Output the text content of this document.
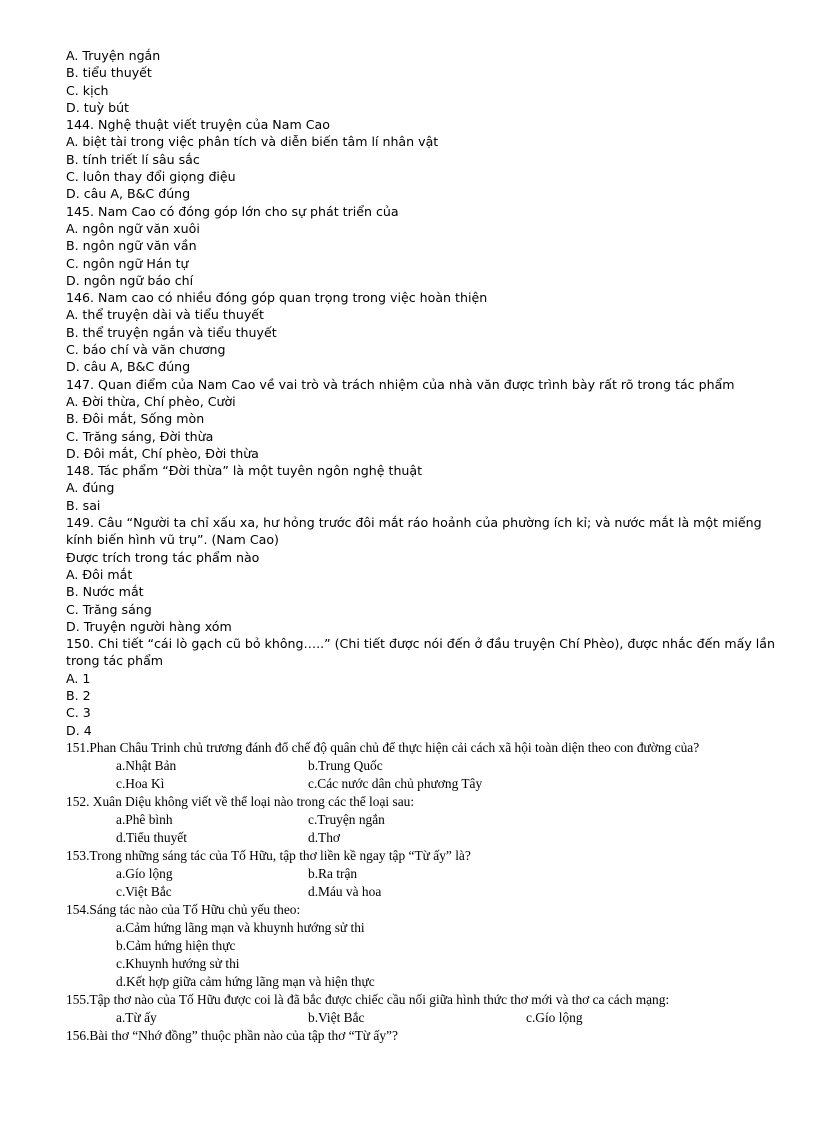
A. Truyện ngắn
B. tiểu thuyết
C. kịch
D. tuỳ bút
144. Nghệ thuật viết truyện của Nam Cao
A. biệt tài trong việc phân tích và diễn biến tâm lí nhân vật
B. tính triết lí sâu sắc
C. luôn thay đổi giọng điệu
D. câu A, B&C đúng
145. Nam Cao có đóng góp lớn cho sự phát triển của
A. ngôn ngữ văn xuôi
B. ngôn ngữ văn vần
C. ngôn ngữ Hán tự
D. ngôn ngữ báo chí
146. Nam cao có nhiều đóng góp quan trọng trong việc hoàn thiện
A. thể truyện dài và tiểu thuyết
B. thể truyện ngắn và tiểu thuyết
C. báo chí và văn chương
D. câu A, B&C đúng
147. Quan điểm của Nam Cao về vai trò và trách nhiệm của nhà văn được trình bày rất rõ trong tác phẩm
A. Đời thừa, Chí phèo, Cười
B. Đôi mắt, Sống mòn
C. Trăng sáng, Đời thừa
D. Đôi mắt, Chí phèo, Đời thừa
148. Tác phẩm “Đời thừa” là một tuyên ngôn nghệ thuật
A. đúng
B. sai
149. Câu “Người ta chỉ xấu xa, hư hỏng trước đôi mắt ráo hoảnh của phường ích kỉ; và nước mắt là một miếng kính biến hình vũ trụ”. (Nam Cao)
Được trích trong tác phẩm nào
A. Đôi mắt
B. Nước mắt
C. Trăng sáng
D. Truyện người hàng xóm
150. Chi tiết “cái lò gạch cũ bỏ không…..” (Chi tiết được nói đến ở đầu truyện Chí Phèo), được nhắc đến mấy lần trong tác phẩm
A. 1
B. 2
C. 3
D. 4
151.Phan Châu Trinh chủ trương đánh đổ chế độ quân chủ để thực hiện cải cách xã hội toàn diện theo con đường của?
a.Nhật Bản	b.Trung Quốc
c.Hoa Kì	c.Các nước dân chủ phương Tây
152. Xuân Diệu không viết về thể loại nào trong các thể loại sau:
a.Phê bình	c.Truyện ngắn
d.Tiểu thuyết	d.Thơ
153.Trong những sáng tác của Tố Hữu, tập thơ liền kề ngay tập “Từ ấy” là?
a.Gío lộng	b.Ra trận
c.Việt Bắc	d.Máu và hoa
154.Sáng tác nào của Tố Hữu chủ yếu theo:
a.Cảm hứng lãng mạn và khuynh hướng sử thi
b.Cảm hứng hiện thực
c.Khuynh hướng sử thi
d.Kết hợp giữa cảm hứng lãng mạn và hiện thực
155.Tập thơ nào của Tố Hữu được coi là đã bắc được chiếc cầu nối giữa hình thức thơ mới và thơ ca cách mạng:
a.Từ ấy	b.Việt Bắc	c.Gío lộng
156.Bài thơ “Nhớ đồng” thuộc phần nào của tập thơ “Từ ấy”?
